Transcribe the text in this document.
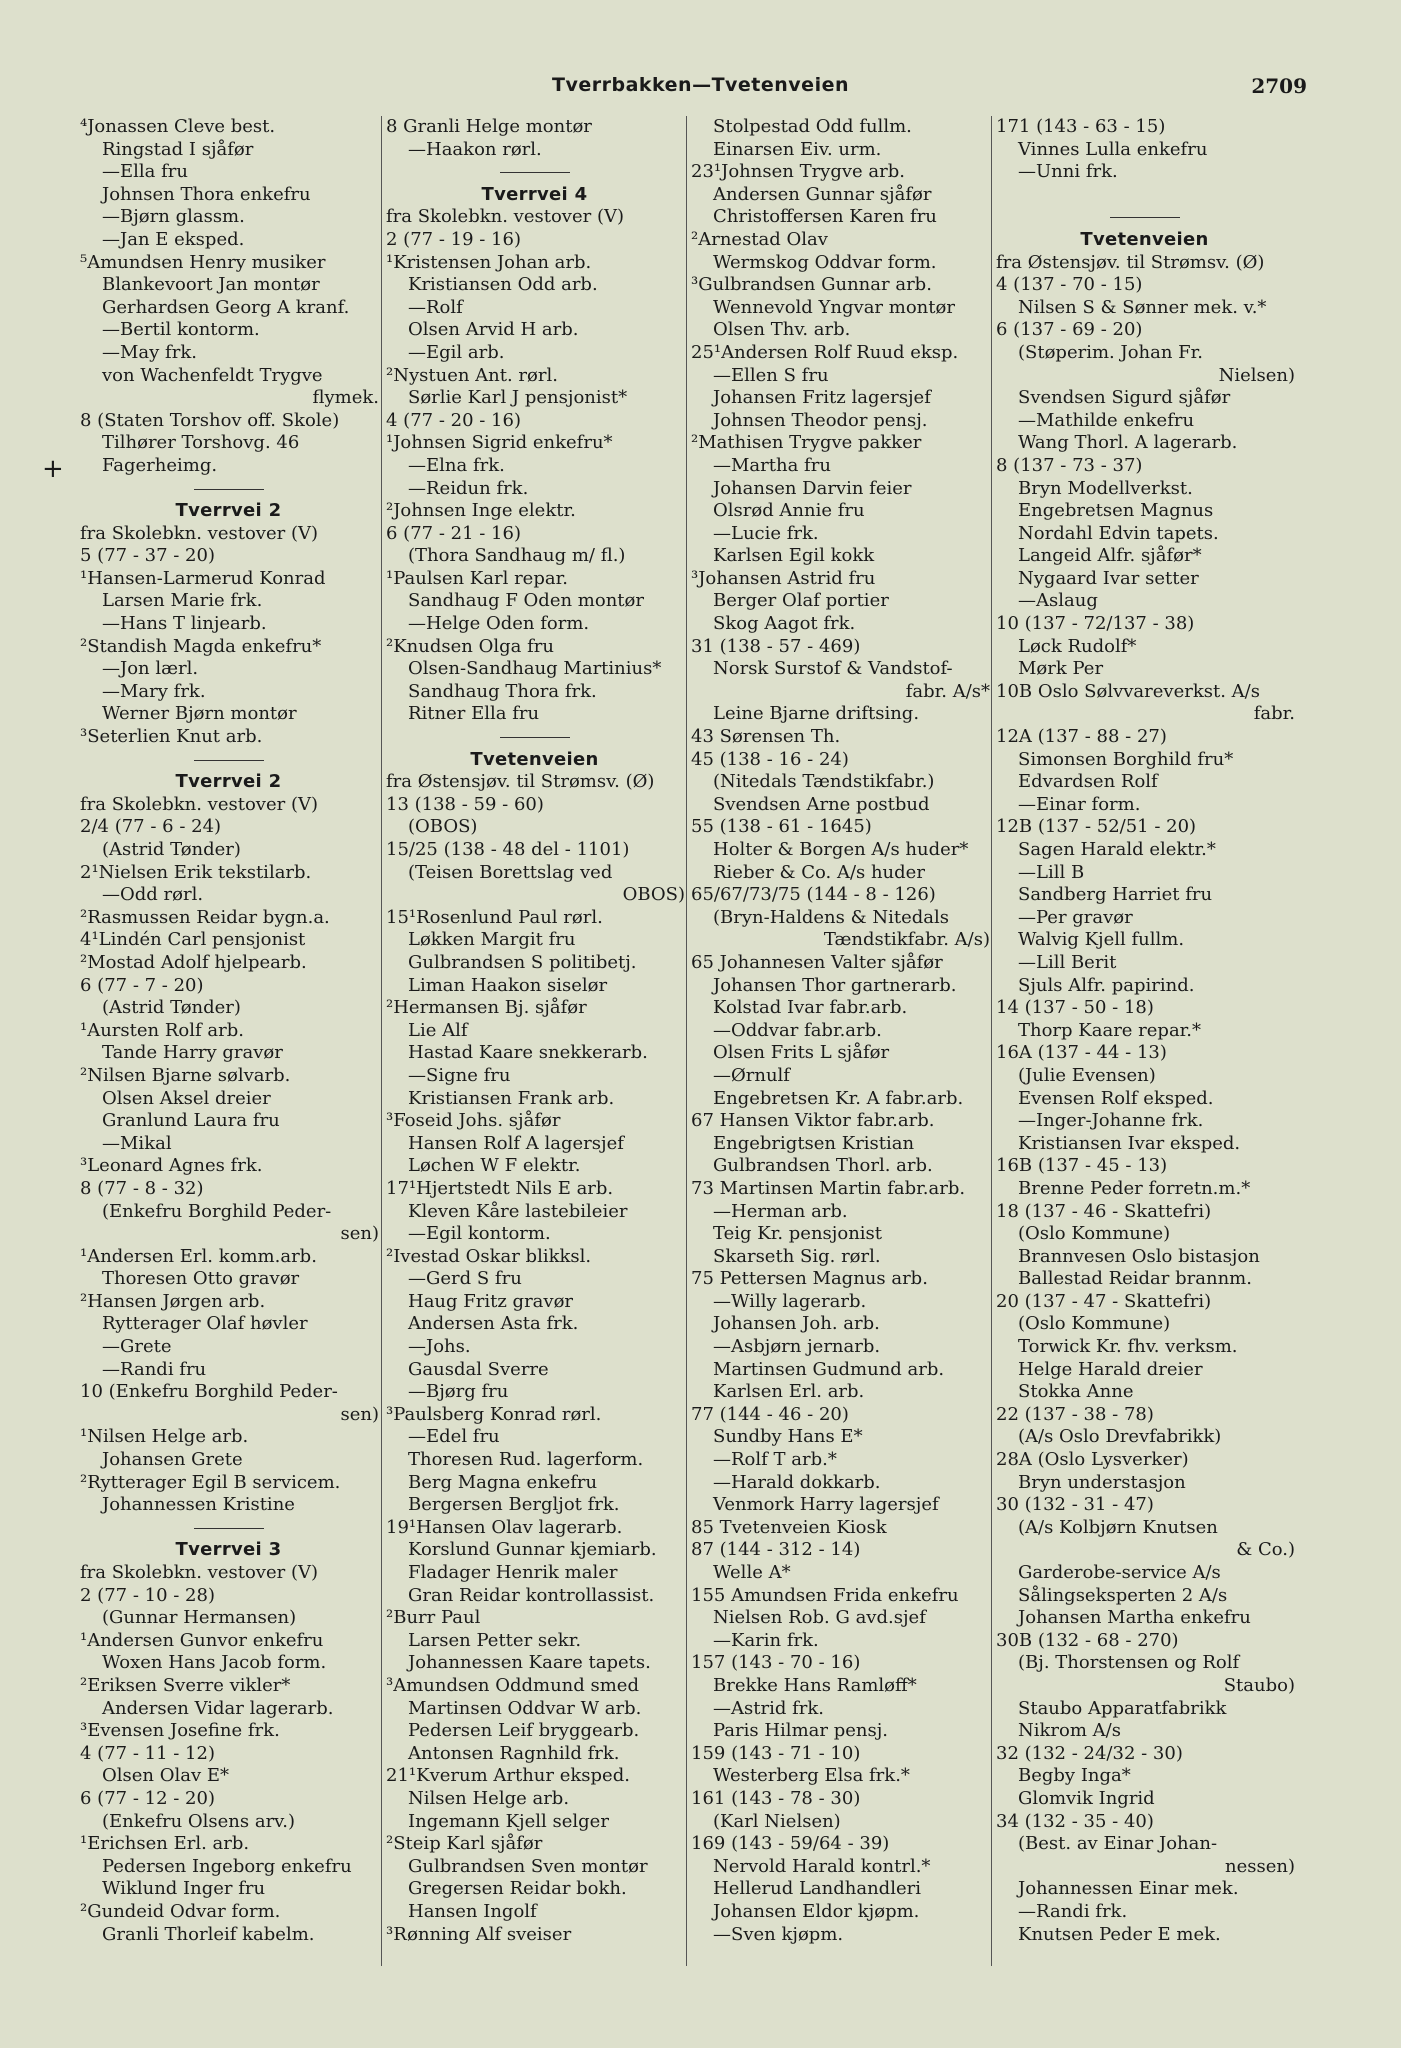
Tverrbakken—Tvetenveien	2709
+
⁴Jonassen Cleve best.
Ringstad I sjåfør
—Ella fru
Johnsen Thora enkefru
—Bjørn glassm.
—Jan E eksped.
⁵Amundsen Henry musiker
Blankevoort Jan montør
Gerhardsen Georg A kranf.
—Bertil kontorm.
—May frk.
von Wachenfeldt Trygve
flymek.
8 (Staten Torshov off. Skole)
Tilhører Torshovg. 46
Fagerheimg.
Tverrvei 2
fra Skolebkn. vestover (V)
5 (77 - 37 - 20)
¹Hansen-Larmerud Konrad
Larsen Marie frk.
—Hans T linjearb.
²Standish Magda enkefru*
—Jon lærl.
—Mary frk.
Werner Bjørn montør
³Seterlien Knut arb.
Tverrvei 2
fra Skolebkn. vestover (V)
2/4 (77 - 6 - 24)
(Astrid Tønder)
2¹Nielsen Erik tekstilarb.
—Odd rørl.
²Rasmussen Reidar bygn.a.
4¹Lindén Carl pensjonist
²Mostad Adolf hjelpearb.
6 (77 - 7 - 20)
(Astrid Tønder)
¹Aursten Rolf arb.
Tande Harry gravør
²Nilsen Bjarne sølvarb.
Olsen Aksel dreier
Granlund Laura fru
—Mikal
³Leonard Agnes frk.
8 (77 - 8 - 32)
(Enkefru Borghild Peder-
sen)
¹Andersen Erl. komm.arb.
Thoresen Otto gravør
²Hansen Jørgen arb.
Rytterager Olaf høvler
—Grete
—Randi fru
10 (Enkefru Borghild Peder-
sen)
¹Nilsen Helge arb.
Johansen Grete
²Rytterager Egil B servicem.
Johannessen Kristine
Tverrvei 3
fra Skolebkn. vestover (V)
2 (77 - 10 - 28)
(Gunnar Hermansen)
¹Andersen Gunvor enkefru
Woxen Hans Jacob form.
²Eriksen Sverre vikler*
Andersen Vidar lagerarb.
³Evensen Josefine frk.
4 (77 - 11 - 12)
Olsen Olav E*
6 (77 - 12 - 20)
(Enkefru Olsens arv.)
¹Erichsen Erl. arb.
Pedersen Ingeborg enkefru
Wiklund Inger fru
²Gundeid Odvar form.
Granli Thorleif kabelm.
8 Granli Helge montør
—Haakon rørl.
Tverrvei 4
fra Skolebkn. vestover (V)
2 (77 - 19 - 16)
¹Kristensen Johan arb.
Kristiansen Odd arb.
—Rolf
Olsen Arvid H arb.
—Egil arb.
²Nystuen Ant. rørl.
Sørlie Karl J pensjonist*
4 (77 - 20 - 16)
¹Johnsen Sigrid enkefru*
—Elna frk.
—Reidun frk.
²Johnsen Inge elektr.
6 (77 - 21 - 16)
(Thora Sandhaug m/ fl.)
¹Paulsen Karl repar.
Sandhaug F Oden montør
—Helge Oden form.
²Knudsen Olga fru
Olsen-Sandhaug Martinius*
Sandhaug Thora frk.
Ritner Ella fru
Tvetenveien
fra Østensjøv. til Strømsv. (Ø)
13 (138 - 59 - 60)
(OBOS)
15/25 (138 - 48 del - 1101)
(Teisen Borettslag ved
OBOS)
15¹Rosenlund Paul rørl.
Løkken Margit fru
Gulbrandsen S politibetj.
Liman Haakon siselør
²Hermansen Bj. sjåfør
Lie Alf
Hastad Kaare snekkerarb.
—Signe fru
Kristiansen Frank arb.
³Foseid Johs. sjåfør
Hansen Rolf A lagersjef
Løchen W F elektr.
17¹Hjertstedt Nils E arb.
Kleven Kåre lastebileier
—Egil kontorm.
²Ivestad Oskar blikksl.
—Gerd S fru
Haug Fritz gravør
Andersen Asta frk.
—Johs.
Gausdal Sverre
—Bjørg fru
³Paulsberg Konrad rørl.
—Edel fru
Thoresen Rud. lagerform.
Berg Magna enkefru
Bergersen Bergljot frk.
19¹Hansen Olav lagerarb.
Korslund Gunnar kjemiarb.
Fladager Henrik maler
Gran Reidar kontrollassist.
²Burr Paul
Larsen Petter sekr.
Johannessen Kaare tapets.
³Amundsen Oddmund smed
Martinsen Oddvar W arb.
Pedersen Leif bryggearb.
Antonsen Ragnhild frk.
21¹Kverum Arthur eksped.
Nilsen Helge arb.
Ingemann Kjell selger
²Steip Karl sjåfør
Gulbrandsen Sven montør
Gregersen Reidar bokh.
Hansen Ingolf
³Rønning Alf sveiser
Stolpestad Odd fullm.
Einarsen Eiv. urm.
23¹Johnsen Trygve arb.
Andersen Gunnar sjåfør
Christoffersen Karen fru
²Arnestad Olav
Wermskog Oddvar form.
³Gulbrandsen Gunnar arb.
Wennevold Yngvar montør
Olsen Thv. arb.
25¹Andersen Rolf Ruud eksp.
—Ellen S fru
Johansen Fritz lagersjef
Johnsen Theodor pensj.
²Mathisen Trygve pakker
—Martha fru
Johansen Darvin feier
Olsrød Annie fru
—Lucie frk.
Karlsen Egil kokk
³Johansen Astrid fru
Berger Olaf portier
Skog Aagot frk.
31 (138 - 57 - 469)
Norsk Surstof & Vandstof-
fabr. A/s*
Leine Bjarne driftsing.
43 Sørensen Th.
45 (138 - 16 - 24)
(Nitedals Tændstikfabr.)
Svendsen Arne postbud
55 (138 - 61 - 1645)
Holter & Borgen A/s huder*
Rieber & Co. A/s huder
65/67/73/75 (144 - 8 - 126)
(Bryn-Haldens & Nitedals
Tændstikfabr. A/s)
65 Johannesen Valter sjåfør
Johansen Thor gartnerarb.
Kolstad Ivar fabr.arb.
—Oddvar fabr.arb.
Olsen Frits L sjåfør
—Ørnulf
Engebretsen Kr. A fabr.arb.
67 Hansen Viktor fabr.arb.
Engebrigtsen Kristian
Gulbrandsen Thorl. arb.
73 Martinsen Martin fabr.arb.
—Herman arb.
Teig Kr. pensjonist
Skarseth Sig. rørl.
75 Pettersen Magnus arb.
—Willy lagerarb.
Johansen Joh. arb.
—Asbjørn jernarb.
Martinsen Gudmund arb.
Karlsen Erl. arb.
77 (144 - 46 - 20)
Sundby Hans E*
—Rolf T arb.*
—Harald dokkarb.
Venmork Harry lagersjef
85 Tvetenveien Kiosk
87 (144 - 312 - 14)
Welle A*
155 Amundsen Frida enkefru
Nielsen Rob. G avd.sjef
—Karin frk.
157 (143 - 70 - 16)
Brekke Hans Ramløff*
—Astrid frk.
Paris Hilmar pensj.
159 (143 - 71 - 10)
Westerberg Elsa frk.*
161 (143 - 78 - 30)
(Karl Nielsen)
169 (143 - 59/64 - 39)
Nervold Harald kontrl.*
Hellerud Landhandleri
Johansen Eldor kjøpm.
—Sven kjøpm.
171 (143 - 63 - 15)
Vinnes Lulla enkefru
—Unni frk.
Tvetenveien
fra Østensjøv. til Strømsv. (Ø)
4 (137 - 70 - 15)
Nilsen S & Sønner mek. v.*
6 (137 - 69 - 20)
(Støperim. Johan Fr.
Nielsen)
Svendsen Sigurd sjåfør
—Mathilde enkefru
Wang Thorl. A lagerarb.
8 (137 - 73 - 37)
Bryn Modellverkst.
Engebretsen Magnus
Nordahl Edvin tapets.
Langeid Alfr. sjåfør*
Nygaard Ivar setter
—Aslaug
10 (137 - 72/137 - 38)
Løck Rudolf*
Mørk Per
10B Oslo Sølvvareverkst. A/s
fabr.
12A (137 - 88 - 27)
Simonsen Borghild fru*
Edvardsen Rolf
—Einar form.
12B (137 - 52/51 - 20)
Sagen Harald elektr.*
—Lill B
Sandberg Harriet fru
—Per gravør
Walvig Kjell fullm.
—Lill Berit
Sjuls Alfr. papirind.
14 (137 - 50 - 18)
Thorp Kaare repar.*
16A (137 - 44 - 13)
(Julie Evensen)
Evensen Rolf eksped.
—Inger-Johanne frk.
Kristiansen Ivar eksped.
16B (137 - 45 - 13)
Brenne Peder forretn.m.*
18 (137 - 46 - Skattefri)
(Oslo Kommune)
Brannvesen Oslo bistasjon
Ballestad Reidar brannm.
20 (137 - 47 - Skattefri)
(Oslo Kommune)
Torwick Kr. fhv. verksm.
Helge Harald dreier
Stokka Anne
22 (137 - 38 - 78)
(A/s Oslo Drevfabrikk)
28A (Oslo Lysverker)
Bryn understasjon
30 (132 - 31 - 47)
(A/s Kolbjørn Knutsen
& Co.)
Garderobe-service A/s
Sålingseksperten 2 A/s
Johansen Martha enkefru
30B (132 - 68 - 270)
(Bj. Thorstensen og Rolf
Staubo)
Staubo Apparatfabrikk
Nikrom A/s
32 (132 - 24/32 - 30)
Begby Inga*
Glomvik Ingrid
34 (132 - 35 - 40)
(Best. av Einar Johan-
nessen)
Johannessen Einar mek.
—Randi frk.
Knutsen Peder E mek.
